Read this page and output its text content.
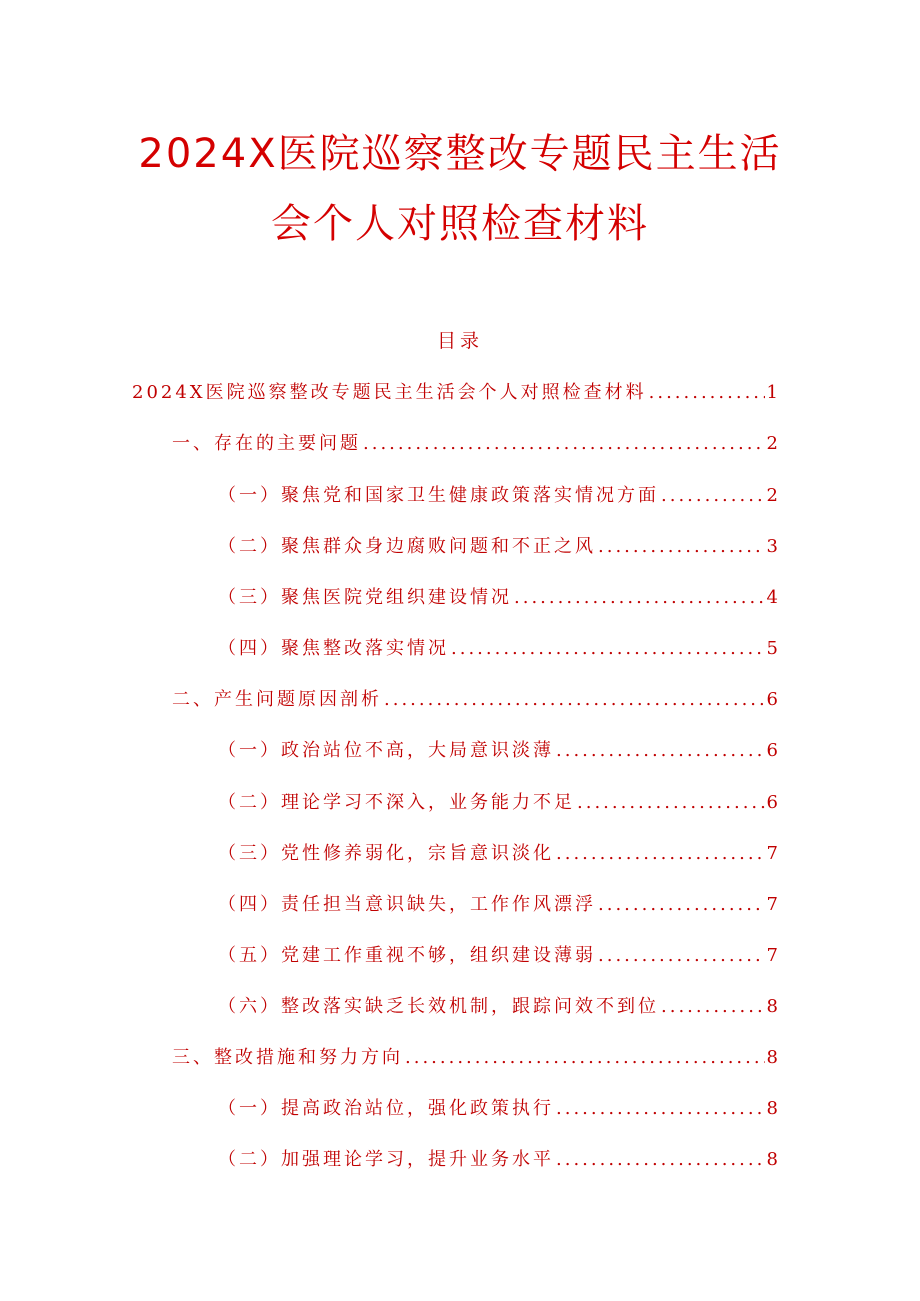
2024X医院巡察整改专题民主生活
会个人对照检查材料
目录
2024X医院巡察整改专题民主生活会个人对照检查材料 .....	1
一、存在的主要问题 .....	2
（一）聚焦党和国家卫生健康政策落实情况方面 .....	2
（二）聚焦群众身边腐败问题和不正之风 .....	3
（三）聚焦医院党组织建设情况 .....	4
（四）聚焦整改落实情况 .....	5
二、产生问题原因剖析 .....	6
（一）政治站位不高，大局意识淡薄 .....	6
（二）理论学习不深入，业务能力不足 .....	6
（三）党性修养弱化，宗旨意识淡化 .....	7
（四）责任担当意识缺失，工作作风漂浮 .....	7
（五）党建工作重视不够，组织建设薄弱 .....	7
（六）整改落实缺乏长效机制，跟踪问效不到位 .....	8
三、整改措施和努力方向 .....	8
（一）提高政治站位，强化政策执行 .....	8
（二）加强理论学习，提升业务水平 .....	8
